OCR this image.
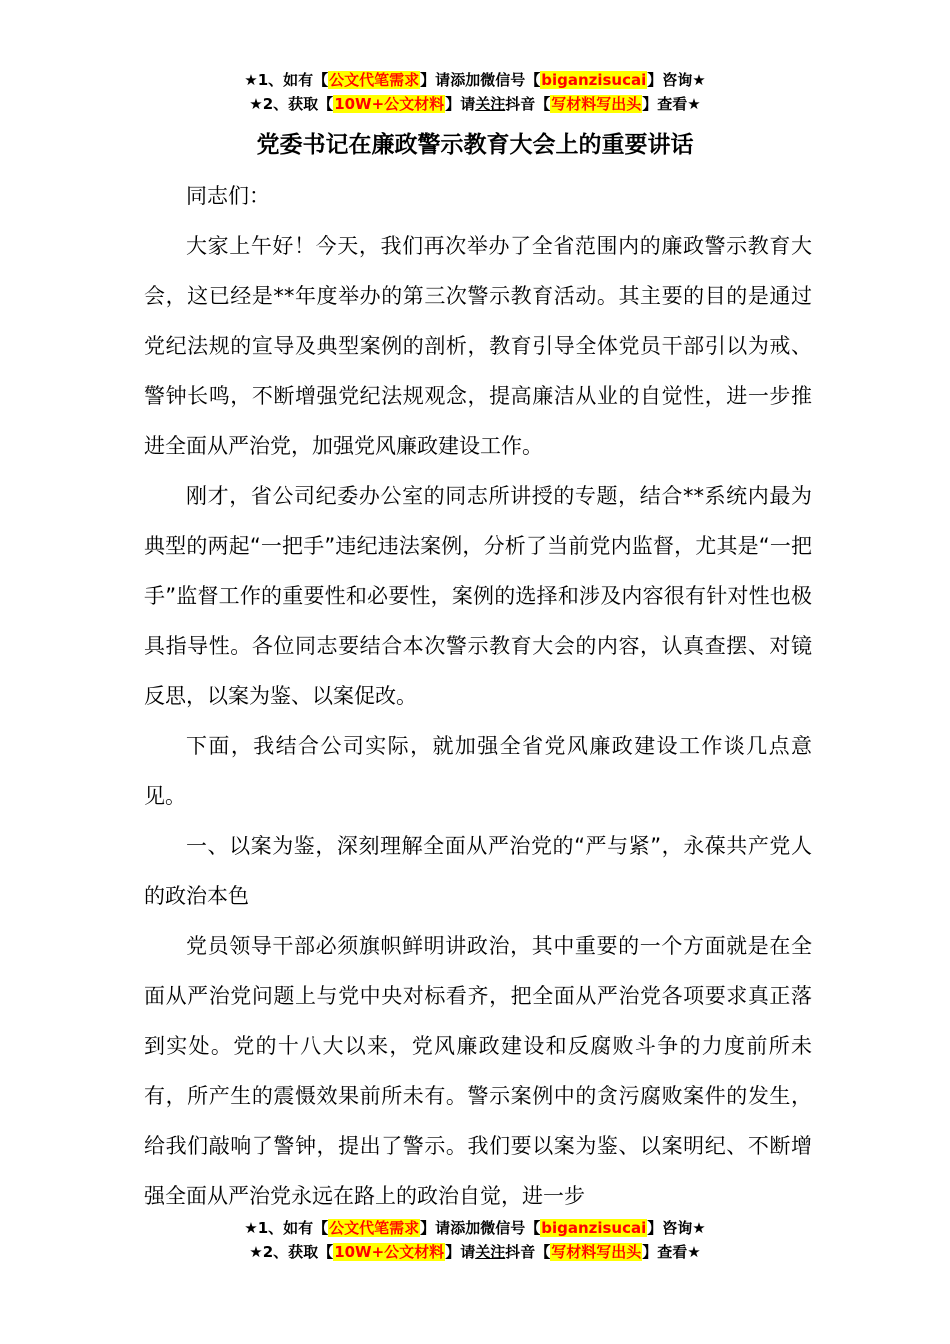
★1、如有【公文代笔需求】请添加微信号【biganzisucai】咨询★
★2、获取【10W+公文材料】请关注抖音【写材料写出头】查看★
党委书记在廉政警示教育大会上的重要讲话

同志们：

大家上午好！今天，我们再次举办了全省范围内的廉政警示教育大会，这已经是**年度举办的第三次警示教育活动。其主要的目的是通过党纪法规的宣导及典型案例的剖析，教育引导全体党员干部引以为戒、警钟长鸣，不断增强党纪法规观念，提高廉洁从业的自觉性，进一步推进全面从严治党，加强党风廉政建设工作。

刚才，省公司纪委办公室的同志所讲授的专题，结合**系统内最为典型的两起“一把手”违纪违法案例，分析了当前党内监督，尤其是“一把手”监督工作的重要性和必要性，案例的选择和涉及内容很有针对性也极具指导性。各位同志要结合本次警示教育大会的内容，认真查摆、对镜反思，以案为鉴、以案促改。

下面，我结合公司实际，就加强全省党风廉政建设工作谈几点意见。

一、以案为鉴，深刻理解全面从严治党的“严与紧”，永葆共产党人的政治本色

党员领导干部必须旗帜鲜明讲政治，其中重要的一个方面就是在全面从严治党问题上与党中央对标看齐，把全面从严治党各项要求真正落到实处。党的十八大以来，党风廉政建设和反腐败斗争的力度前所未有，所产生的震慑效果前所未有。警示案例中的贪污腐败案件的发生，给我们敲响了警钟，提出了警示。我们要以案为鉴、以案明纪、不断增强全面从严治党永远在路上的政治自觉，进一步

★1、如有【公文代笔需求】请添加微信号【biganzisucai】咨询★
★2、获取【10W+公文材料】请关注抖音【写材料写出头】查看★
